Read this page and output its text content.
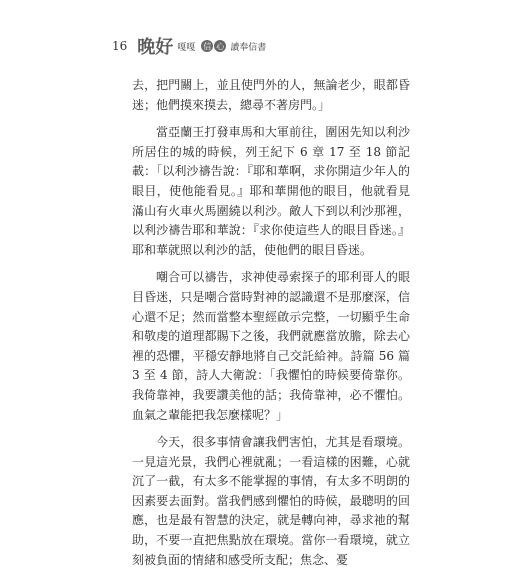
16 晚好 嘎嘎 信 心 讀奉信書

去，把門關上，並且使門外的人，無論老少，眼都昏迷；他們摸來摸去，總尋不著房門。」

當亞蘭王打發車馬和大軍前往，圍困先知以利沙所居住的城的時候，列王紀下 6 章 17 至 18 節記載：「以利沙禱告說：『耶和華啊，求你開這少年人的眼目，使他能看見。』耶和華開他的眼目，他就看見滿山有火車火馬圍繞以利沙。敵人下到以利沙那裡，以利沙禱告耶和華說：『求你使這些人的眼目昏迷。』耶和華就照以利沙的話，使他們的眼目昏迷。

嘲合可以禱告，求神使尋索探子的耶利哥人的眼目昏迷，只是嘲合當時對神的認識還不是那麼深，信心還不足；然而當整本聖經啟示完整，一切顯乎生命和敬虔的道理都賜下之後，我們就應當放膽，除去心裡的恐懼，平穩安靜地將自己交託給神。詩篇 56 篇 3 至 4 節，詩人大衛說：「我懼怕的時候要倚靠你。我倚靠神，我要讚美他的話；我倚靠神，必不懼怕。血氣之輩能把我怎麼樣呢？」

今天，很多事情會讓我們害怕，尤其是看環境。一見這光景，我們心裡就亂；一看這樣的困難，心就沉了一截，有太多不能掌握的事情，有太多不明朗的因素要去面對。當我們感到懼怕的時候，最聰明的回應，也是最有智慧的決定，就是轉向神，尋求祂的幫助，不要一直把焦點放在環境。當你一看環境，就立刻被負面的情緒和感受所支配；焦念、憂
